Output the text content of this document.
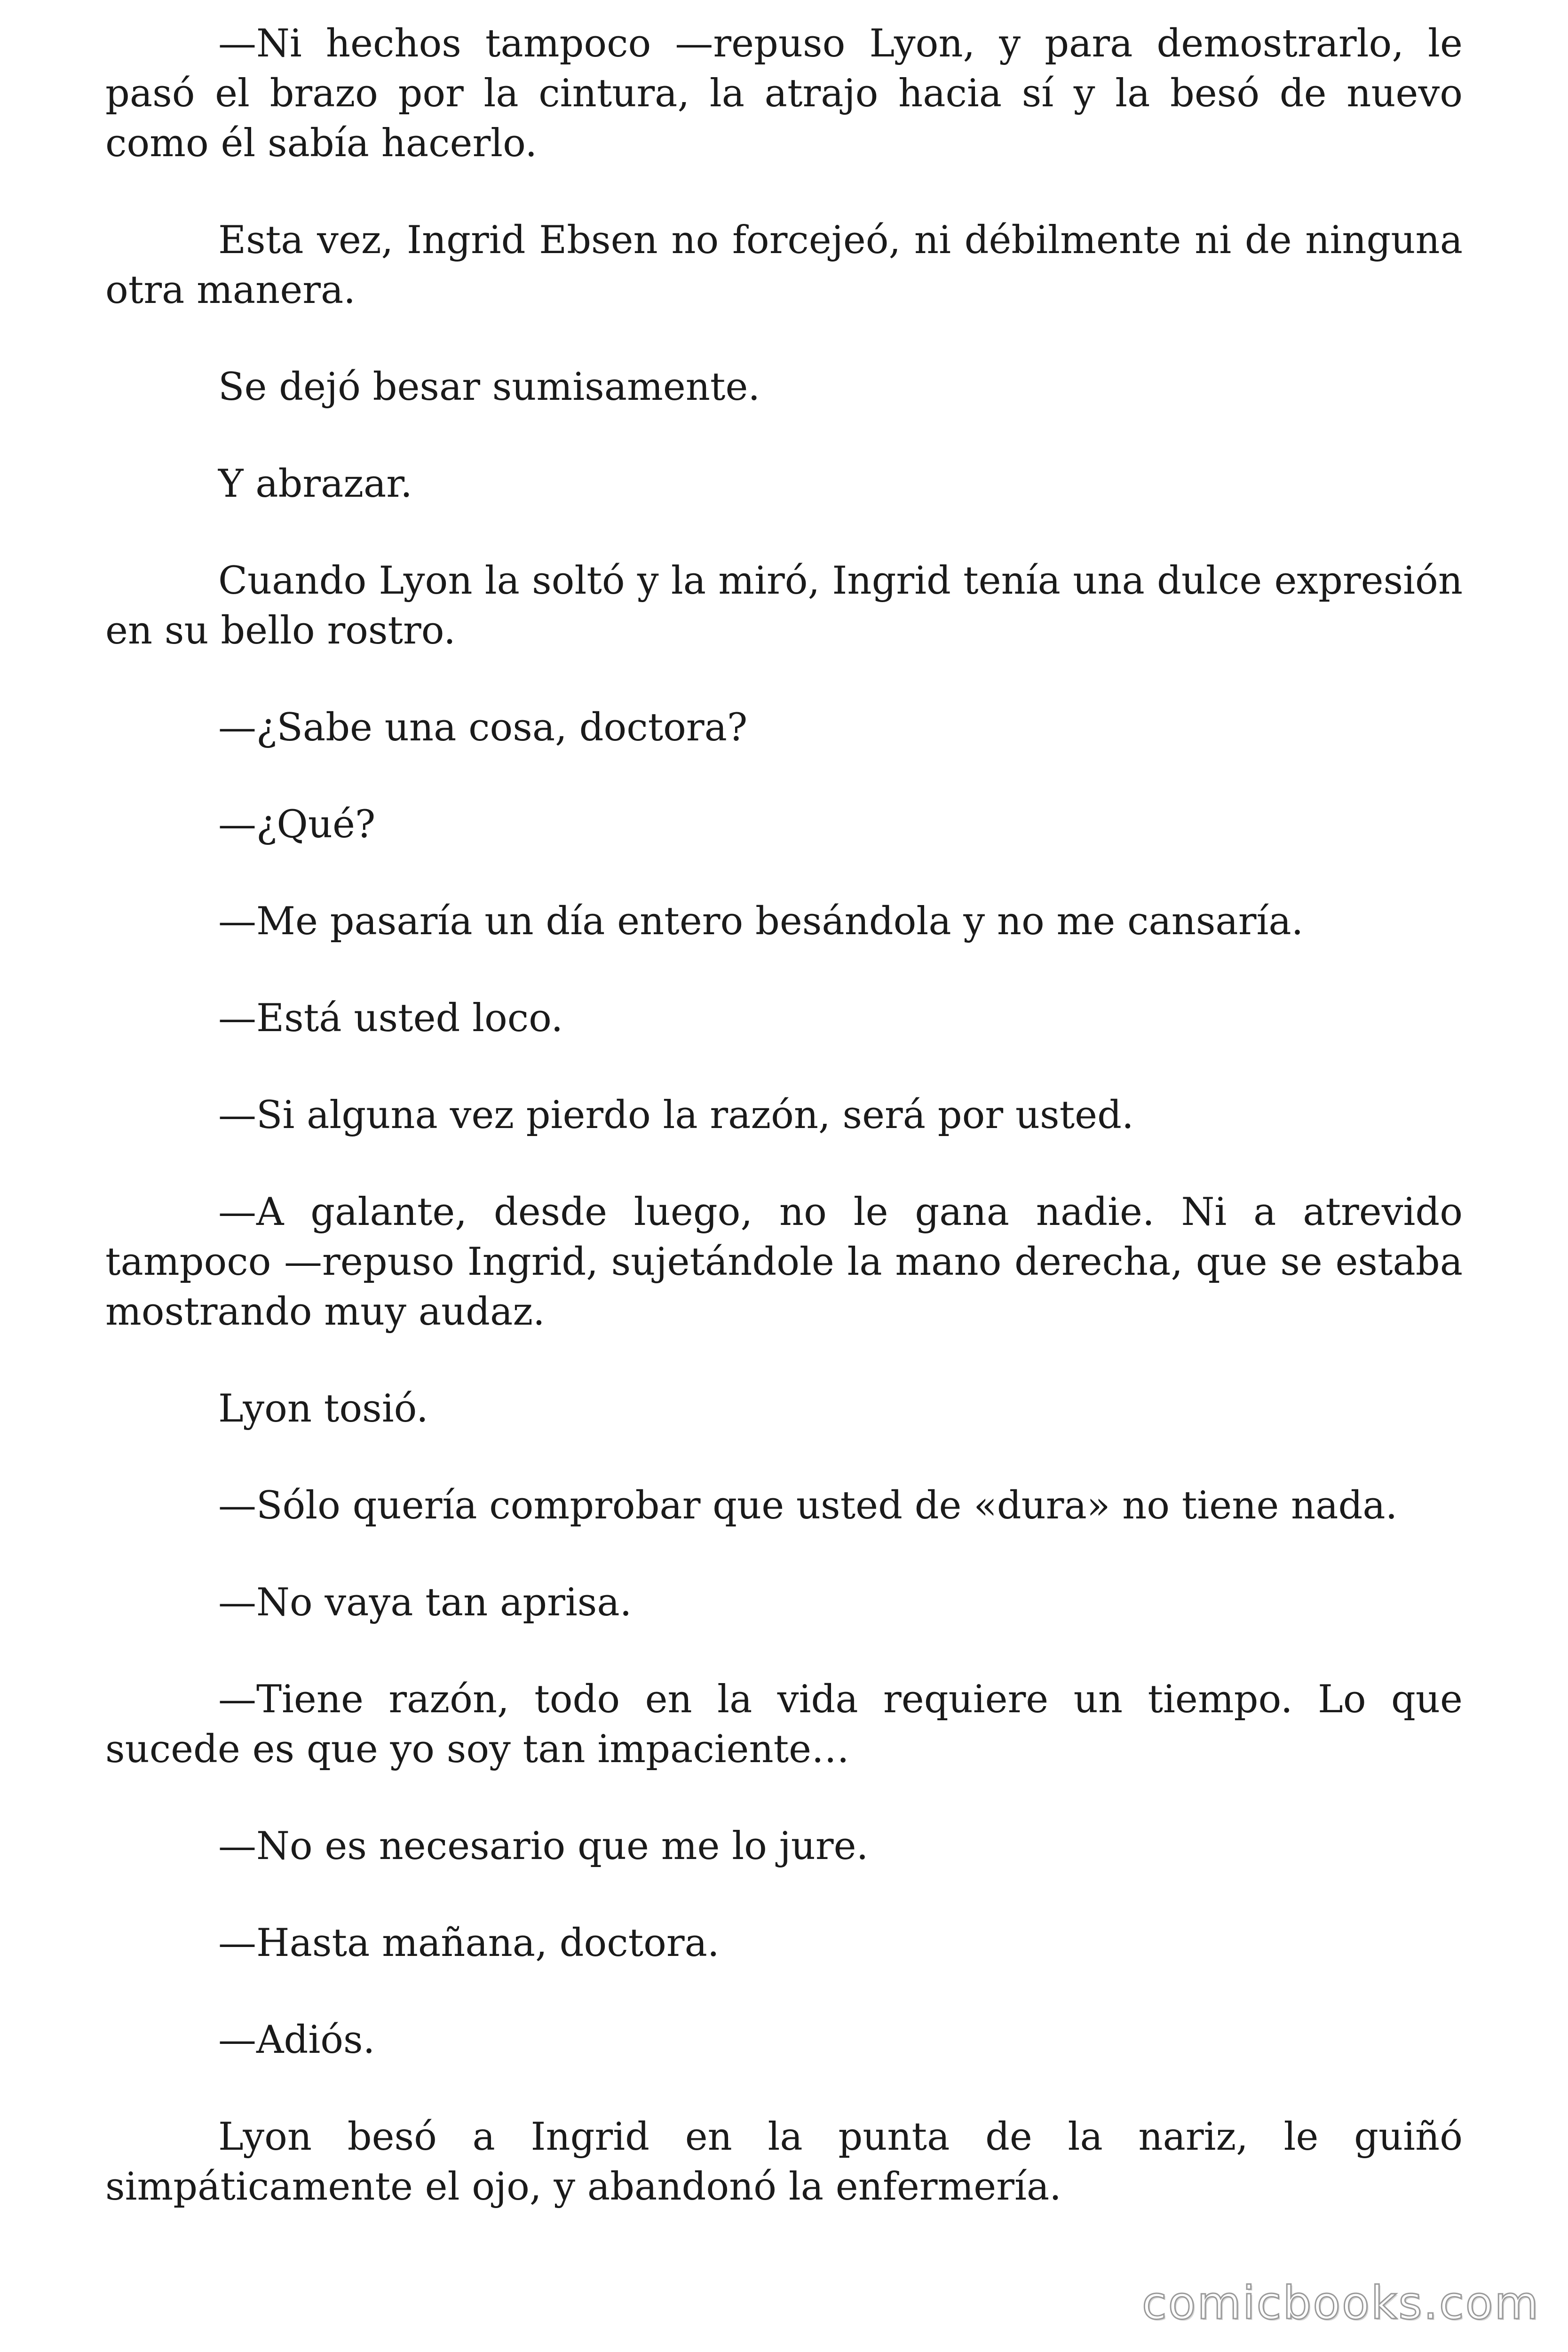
—Ni hechos tampoco —repuso Lyon, y para demostrarlo, le pasó el brazo por la cintura, la atrajo hacia sí y la besó de nuevo como él sabía hacerlo.

Esta vez, Ingrid Ebsen no forcejeó, ni débilmente ni de ninguna otra manera.

Se dejó besar sumisamente.

Y abrazar.

Cuando Lyon la soltó y la miró, Ingrid tenía una dulce expresión en su bello rostro.

—¿Sabe una cosa, doctora?

—¿Qué?

—Me pasaría un día entero besándola y no me cansaría.

—Está usted loco.

—Si alguna vez pierdo la razón, será por usted.

—A galante, desde luego, no le gana nadie. Ni a atrevido tampoco —repuso Ingrid, sujetándole la mano derecha, que se estaba mostrando muy audaz.

Lyon tosió.

—Sólo quería comprobar que usted de «dura» no tiene nada.

—No vaya tan aprisa.

—Tiene razón, todo en la vida requiere un tiempo. Lo que sucede es que yo soy tan impaciente…

—No es necesario que me lo jure.

—Hasta mañana, doctora.

—Adiós.

Lyon besó a Ingrid en la punta de la nariz, le guiñó simpáticamente el ojo, y abandonó la enfermería.

comicbooks.com
